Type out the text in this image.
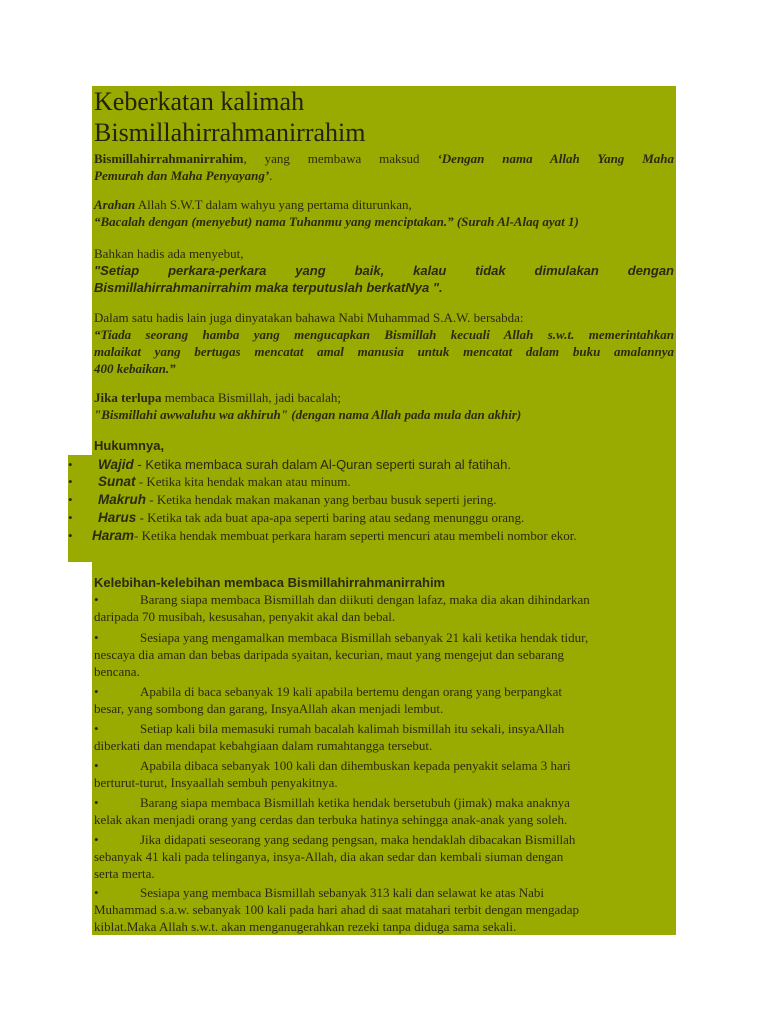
Keberkatan kalimah
Bismillahirrahmanirrahim
Bismillahirrahmanirrahim, yang membawa maksud ‘Dengan nama Allah Yang Maha
Pemurah dan Maha Penyayang’.
Arahan Allah S.W.T dalam wahyu yang pertama diturunkan,
“Bacalah dengan (menyebut) nama Tuhanmu yang menciptakan.” (Surah Al-Alaq ayat 1)
Bahkan hadis ada menyebut,
"Setiap perkara-perkara yang baik, kalau tidak dimulakan dengan
Bismillahirrahmanirrahim maka terputuslah berkatNya ".
Dalam satu hadis lain juga dinyatakan bahawa Nabi Muhammad S.A.W. bersabda:
“Tiada seorang hamba yang mengucapkan Bismillah kecuali Allah s.w.t. memerintahkan
malaikat yang bertugas mencatat amal manusia untuk mencatat dalam buku amalannya
400 kebaikan.”
Jika terlupa membaca Bismillah, jadi bacalah;
"Bismillahi awwaluhu wa akhiruh" (dengan nama Allah pada mula dan akhir)
Hukumnya,
•	Wajid - Ketika membaca surah dalam Al-Quran seperti surah al fatihah.
•	Sunat - Ketika kita hendak makan atau minum.
•	Makruh - Ketika hendak makan makanan yang berbau busuk seperti jering.
•	Harus - Ketika tak ada buat apa-apa seperti baring atau sedang menunggu orang.
•	Haram- Ketika hendak membuat perkara haram seperti mencuri atau membeli nombor ekor.
Kelebihan-kelebihan membaca Bismillahirrahmanirrahim
•	Barang siapa membaca Bismillah dan diikuti dengan lafaz, maka dia akan dihindarkan
daripada 70 musibah, kesusahan, penyakit akal dan bebal.
•	Sesiapa yang mengamalkan membaca Bismillah sebanyak 21 kali ketika hendak tidur,
nescaya dia aman dan bebas daripada syaitan, kecurian, maut yang mengejut dan sebarang
bencana.
•	Apabila di baca sebanyak 19 kali apabila bertemu dengan orang yang berpangkat
besar, yang sombong dan garang, InsyaAllah akan menjadi lembut.
•	Setiap kali bila memasuki rumah bacalah kalimah bismillah itu sekali, insyaAllah
diberkati dan mendapat kebahgiaan dalam rumahtangga tersebut.
•	Apabila dibaca sebanyak 100 kali dan dihembuskan kepada penyakit selama 3 hari
berturut-turut, Insyaallah sembuh penyakitnya.
•	Barang siapa membaca Bismillah ketika hendak bersetubuh (jimak) maka anaknya
kelak akan menjadi orang yang cerdas dan terbuka hatinya sehingga anak-anak yang soleh.
•	Jika didapati seseorang yang sedang pengsan, maka hendaklah dibacakan Bismillah
sebanyak 41 kali pada telinganya, insya-Allah, dia akan sedar dan kembali siuman dengan
serta merta.
•	Sesiapa yang membaca Bismillah sebanyak 313 kali dan selawat ke atas Nabi
Muhammad s.a.w. sebanyak 100 kali pada hari ahad di saat matahari terbit dengan mengadap
kiblat.Maka Allah s.w.t. akan menganugerahkan rezeki tanpa diduga sama sekali.
